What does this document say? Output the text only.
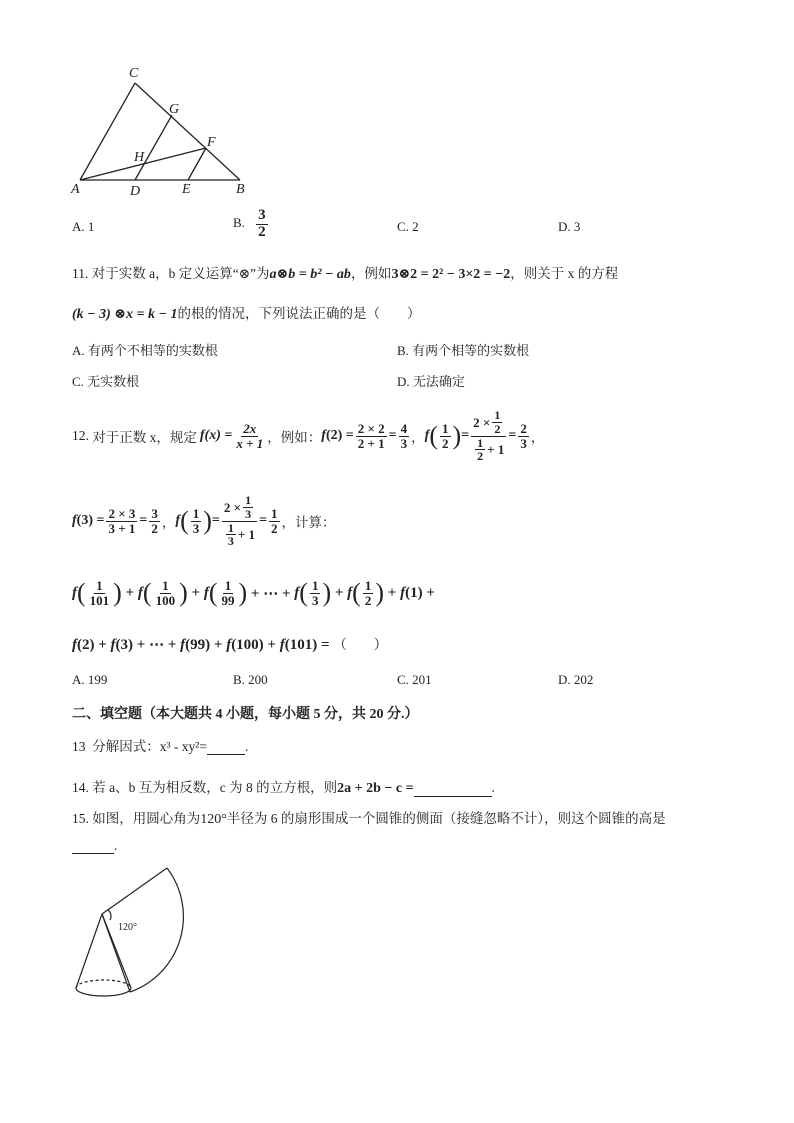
C
G
F
H
A	D	E	B
A. 1	B. $\frac{3}{2}$	C. 2	D. 3
11. 对于实数 a，b 定义运算“⊗”为a⊗b = b² − ab，例如3⊗2 = 2² − 3×2 = −2，则关于 x 的方程
(k − 3) ⊗x = k − 1的根的情况，下列说法正确的是（　　）
A. 有两个不相等的实数根	B. 有两个相等的实数根
C. 无实数根	D. 无法确定
12.
对于正数 x，规定 $f(x) = \frac{2x}{x + 1}$ ，例如： $f(2) = \frac{2 \times 2}{2 + 1} = \frac{4}{3}$ ， f ( 1
2 ) = 2 × 1
2
1
$2 + 1 = \frac{2}{3}$ ，
$f(3) = \frac{2 \times 3}{3 + 1} = \frac{3}{2}$ ， f ( 1
3 ) = 2 × 1
3
1
$3 + 1 = \frac{1}{2}$ ，计算：
f ( 1
101 ) + f ( 1
100 ) + f ( 1
99 ) + ⋯ + f ( 1
3 ) + f ( 1
2 ) + f (1) +
f(2) + f(3) + ⋯ + f(99) + f(100) + f(101) = （　　）
A. 199	B. 200	C. 201	D. 202
二、填空题（本大题共 4 小题，每小题 5 分，共 20 分.）
13 分解因式：x³ - xy²=	.
14. 若 a、b 互为相反数，c 为 8 的立方根，则2a + 2b − c =	.
15. 如图，用圆心角为120°半径为 6 的扇形围成一个圆锥的侧面（接缝忽略不计），则这个圆锥的高是
.
120°
